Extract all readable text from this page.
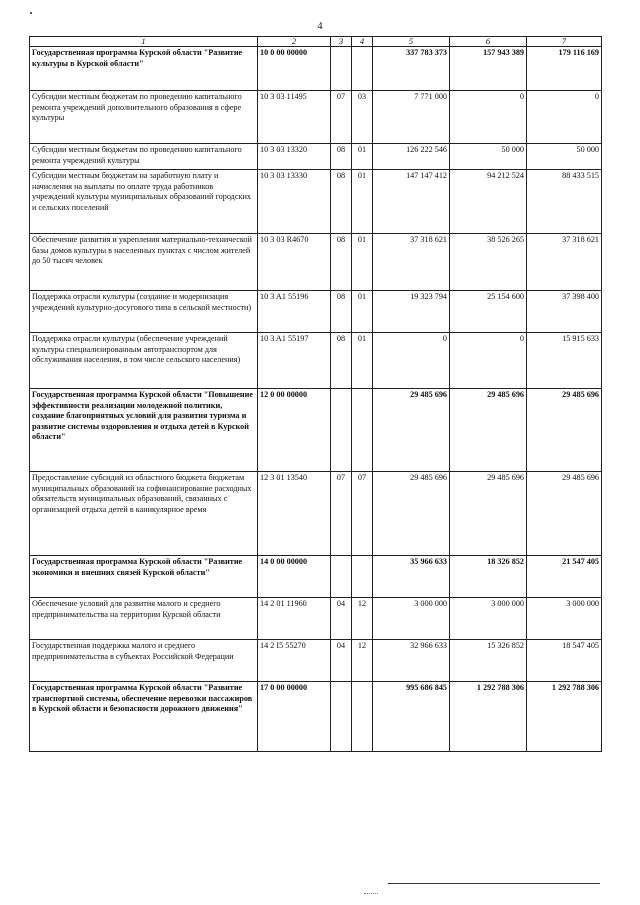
4
1	2	3	4	5	6	7
Государственная программа Курской области "Развитие культуры в Курской области"	10 0 00 00000			337 783 373	157 943 389	179 116 169
Субсидии местным бюджетам по проведению капитального ремонта учреждений дополнительного образования в сфере культуры	10 3 03 11495	07	03	7 771 000	0	0
Субсидии местным бюджетам по проведению капитального ремонта учреждений культуры	10 3 03 13320	08	01	126 222 546	50 000	50 000
Субсидии местным бюджетам на заработную плату и начисления на выплаты по оплате труда работников учреждений культуры муниципальных образований городских и сельских поселений	10 3 03 13330	08	01	147 147 412	94 212 524	88 433 515
Обеспечение развития и укрепления материально-технической базы домов культуры в населенных пунктах с числом жителей до 50 тысяч человек	10 3 03 R4670	08	01	37 318 621	38 526 265	37 318 621
Поддержка отрасли культуры (создание и модернизация учреждений культурно-досугового типа в сельской местности)	10 3 A1 55196	08	01	19 323 794	25 154 600	37 398 400
Поддержка отрасли культуры (обеспечение учреждений культуры специализированным автотранспортом для обслуживания населения, в том числе сельского населения)	10 3 A1 55197	08	01	0	0	15 915 633
Государственная программа Курской области "Повышение эффективности реализации молодежной политики, создание благоприятных условий для развития туризма и развитие системы оздоровления и отдыха детей в Курской области"	12 0 00 00000			29 485 696	29 485 696	29 485 696
Предоставление субсидий из областного бюджета бюджетам муниципальных образований на софинансирование расходных обязательств муниципальных образований, связанных с организацией отдыха детей в каникулярное время	12 3 01 13540	07	07	29 485 696	29 485 696	29 485 696
Государственная программа Курской области "Развитие экономики и внешних связей Курской области"	14 0 00 00000			35 966 633	18 326 852	21 547 405
Обеспечение условий для развития малого и среднего предпринимательства на территории Курской области	14 2 01 11960	04	12	3 000 000	3 000 000	3 000 000
Государственная поддержка малого и среднего предпринимательства в субъектах Российской Федерации	14 2 I5 55270	04	12	32 966 633	15 326 852	18 547 405
Государственная программа Курской области "Развитие транспортной системы, обеспечение перевозки пассажиров в Курской области и безопасности дорожного движения"	17 0 00 00000			995 686 845	1 292 788 306	1 292 788 306
